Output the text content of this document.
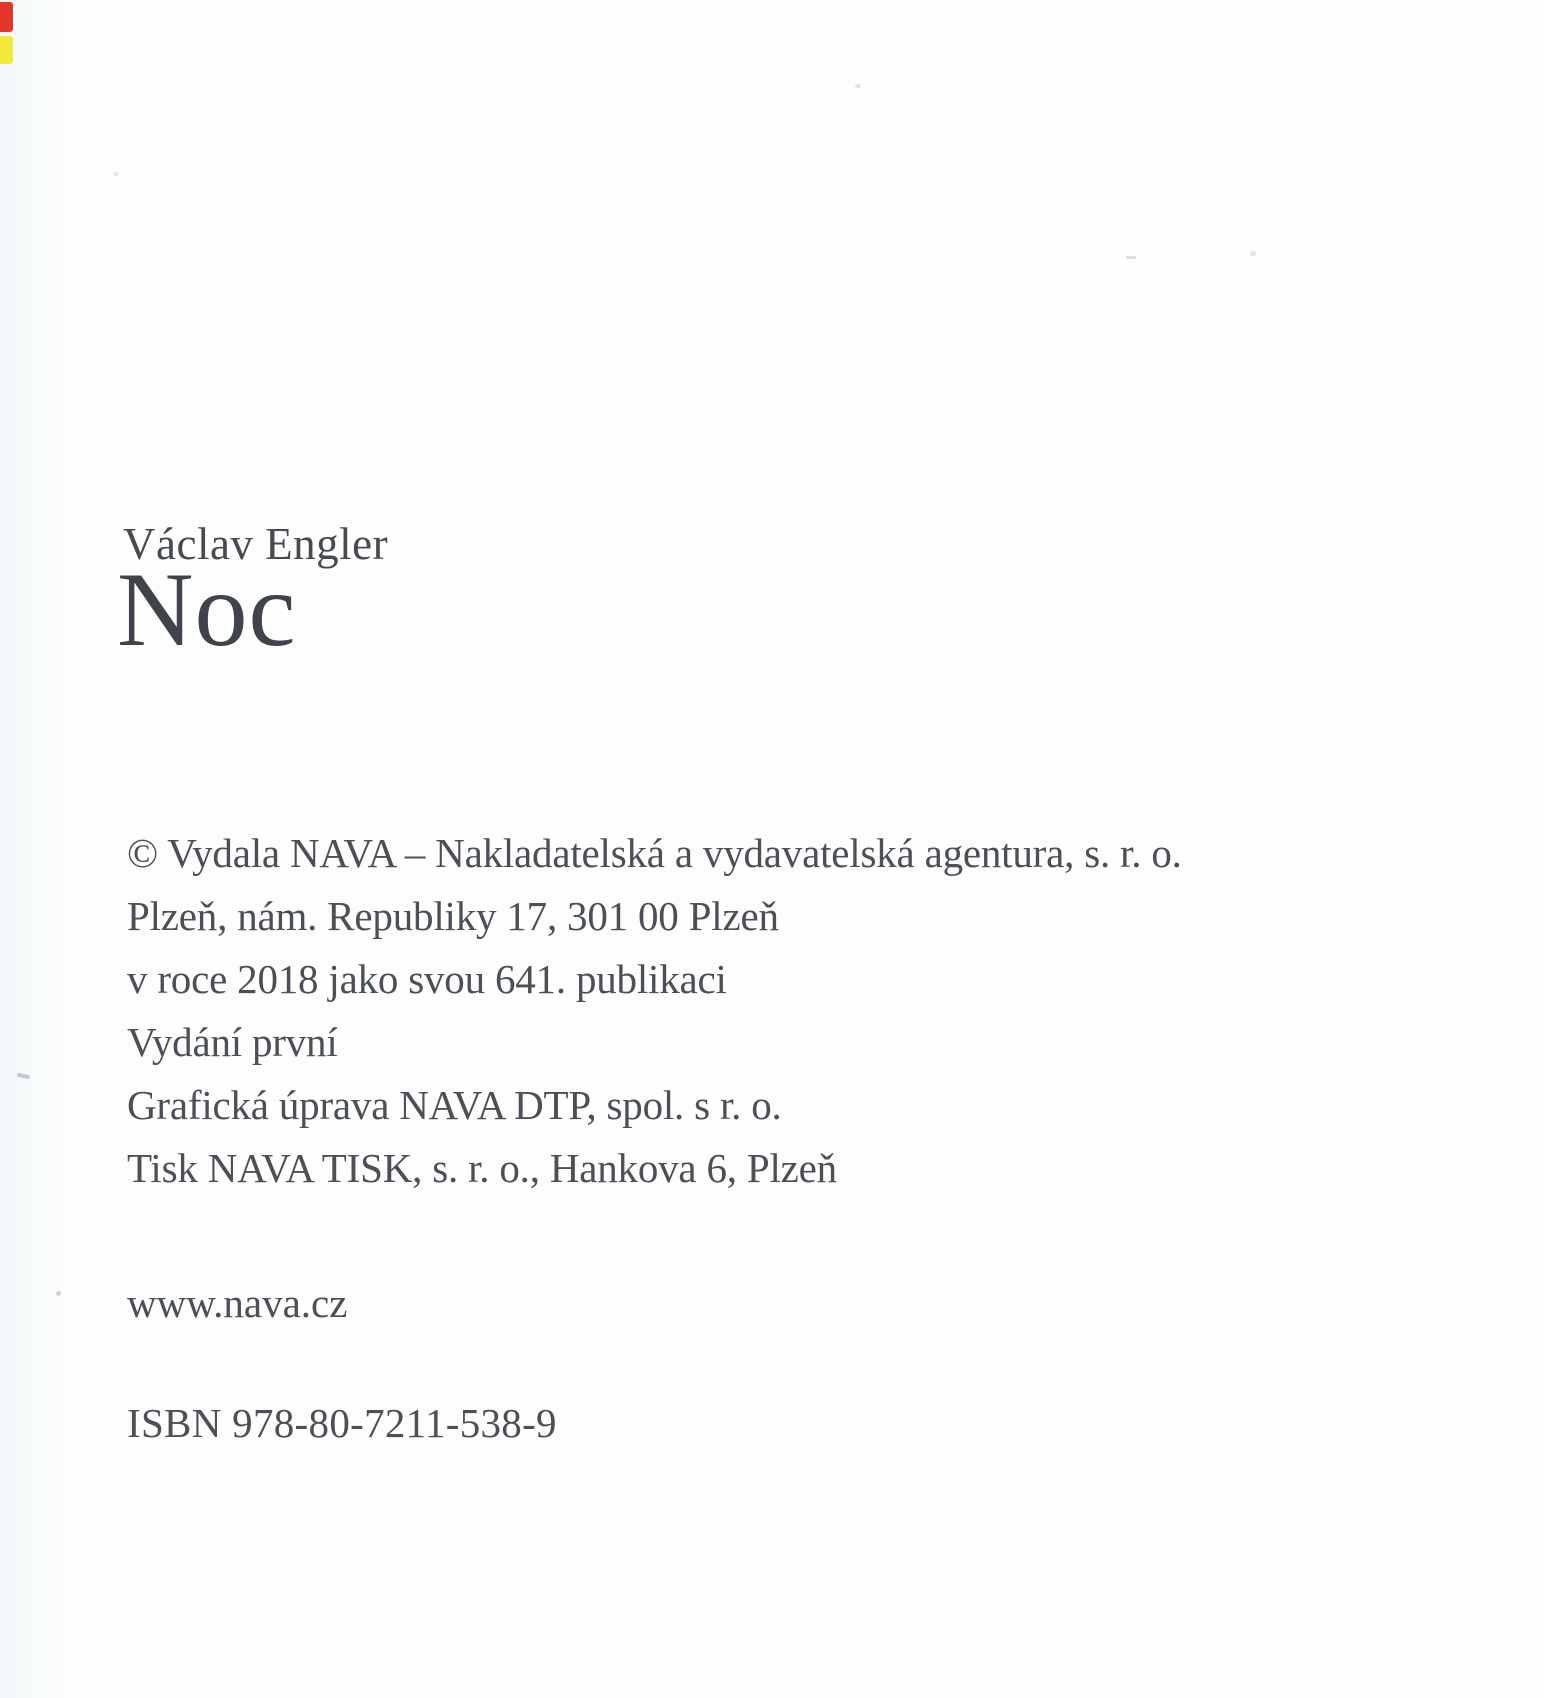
Václav Engler
Noc
© Vydala NAVA – Nakladatelská a vydavatelská agentura, s. r. o.
Plzeň, nám. Republiky 17, 301 00 Plzeň
v roce 2018 jako svou 641. publikaci
Vydání první
Grafická úprava NAVA DTP, spol. s r. o.
Tisk NAVA TISK, s. r. o., Hankova 6, Plzeň
www.nava.cz
ISBN 978-80-7211-538-9
